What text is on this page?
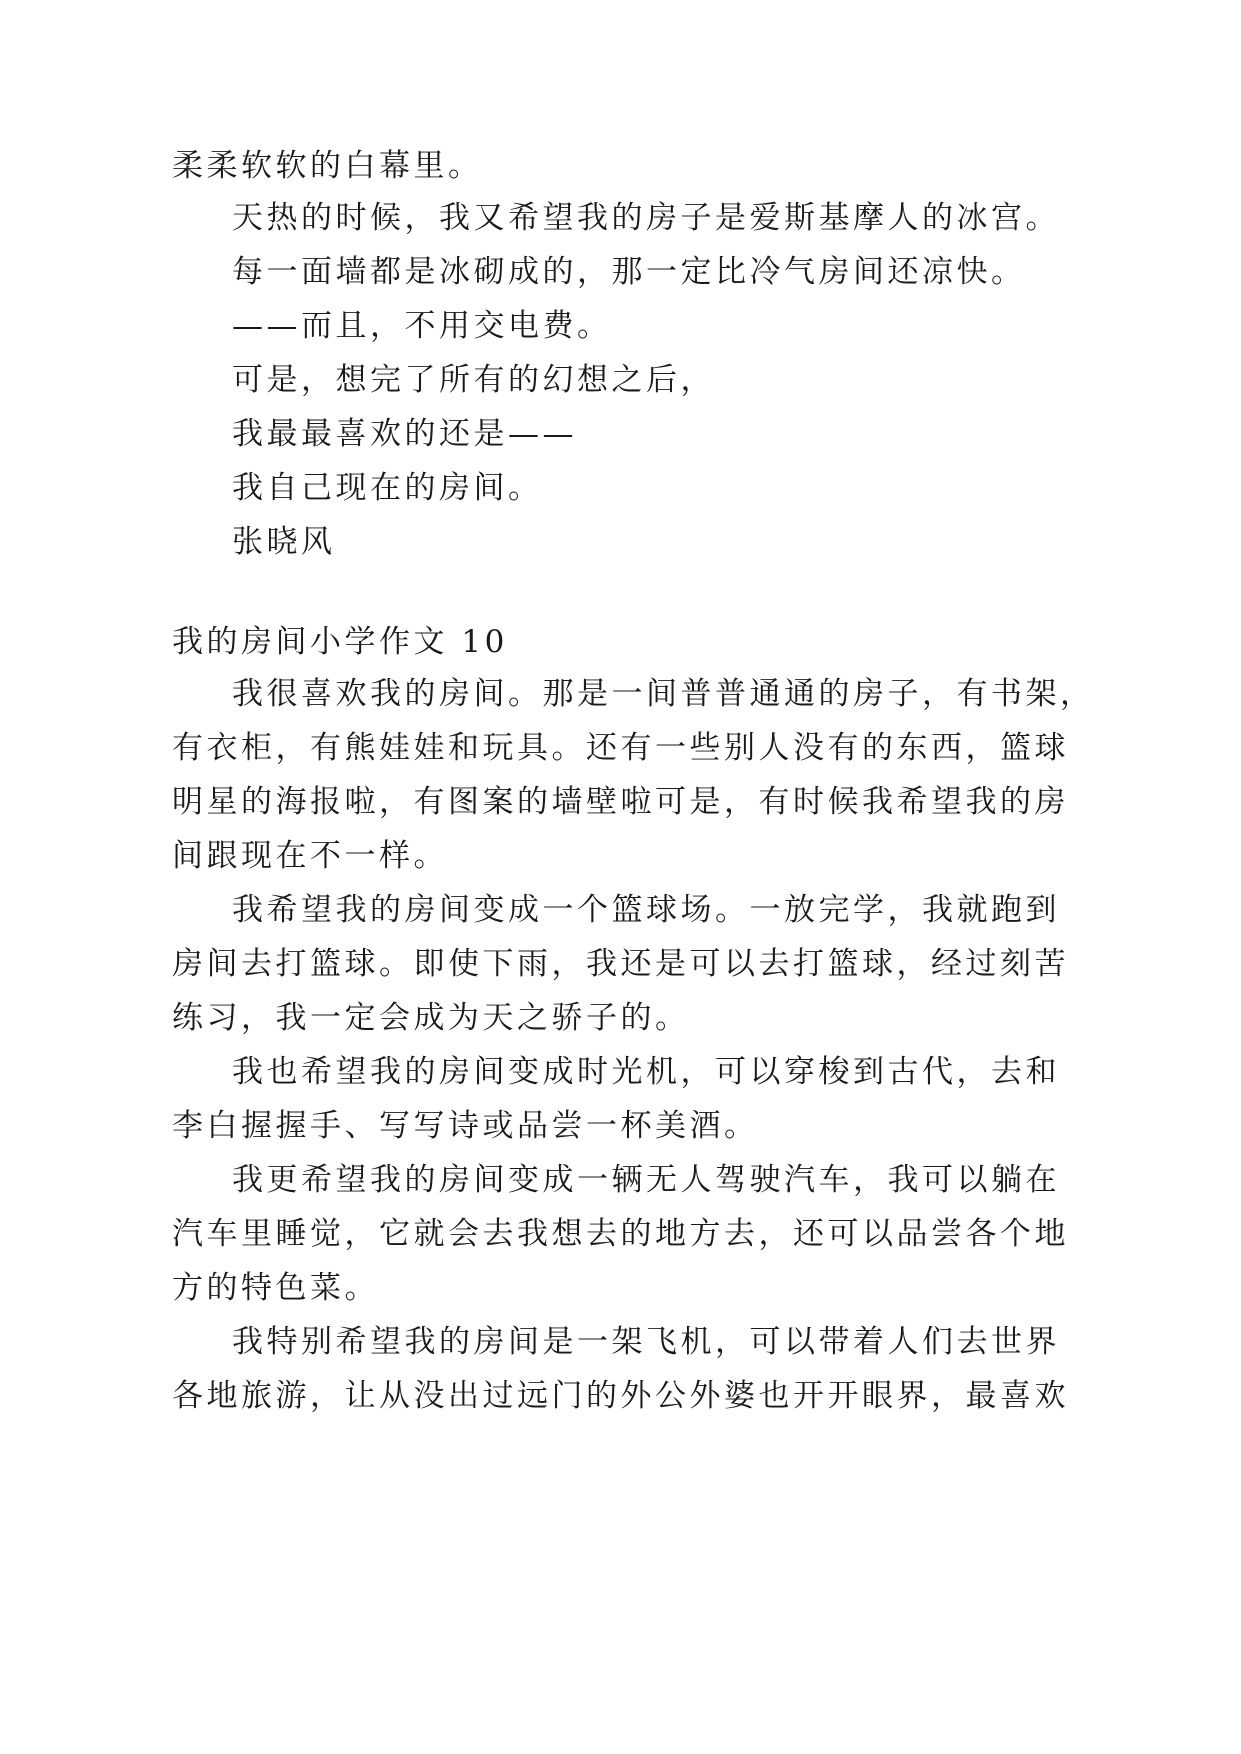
柔柔软软的白幕里。
天热的时候，我又希望我的房子是爱斯基摩人的冰宫。
每一面墙都是冰砌成的，那一定比冷气房间还凉快。
——而且，不用交电费。
可是，想完了所有的幻想之后，
我最最喜欢的还是——
我自己现在的房间。
张晓风
我的房间小学作文 10
我很喜欢我的房间。那是一间普普通通的房子，有书架，
有衣柜，有熊娃娃和玩具。还有一些别人没有的东西，篮球
明星的海报啦，有图案的墙壁啦可是，有时候我希望我的房
间跟现在不一样。
我希望我的房间变成一个篮球场。一放完学，我就跑到
房间去打篮球。即使下雨，我还是可以去打篮球，经过刻苦
练习，我一定会成为天之骄子的。
我也希望我的房间变成时光机，可以穿梭到古代，去和
李白握握手、写写诗或品尝一杯美酒。
我更希望我的房间变成一辆无人驾驶汽车，我可以躺在
汽车里睡觉，它就会去我想去的地方去，还可以品尝各个地
方的特色菜。
我特别希望我的房间是一架飞机，可以带着人们去世界
各地旅游，让从没出过远门的外公外婆也开开眼界，最喜欢
